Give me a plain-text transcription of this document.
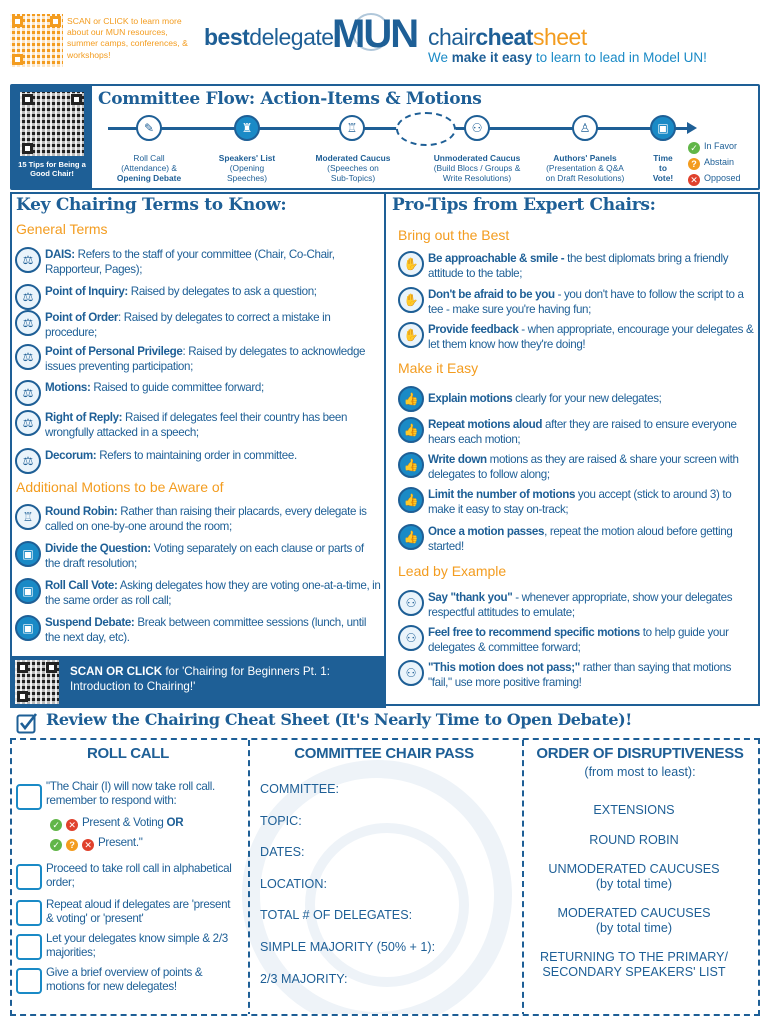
SCAN or CLICK to learn more about our MUN resources, summer camps, conferences, & workshops!
bestdelegate
MUN chaircheatsheet
We make it easy to learn to lead in Model UN!
15 Tips for Being a Good Chair!
Committee Flow: Action-Items & Motions
✎	♜	♖	⚇	♙	▣
Roll Call
(Attendance) &
Opening Debate
Speakers' List
(Opening
Speeches)
Moderated Caucus
(Speeches on
Sub-Topics)
Unmoderated Caucus
(Build Blocs / Groups &
Write Resolutions)
Authors' Panels
(Presentation & Q&A
on Draft Resolutions)
Time
to
Vote!
✓ In Favor
? Abstain
✕ Opposed
Key Chairing Terms to Know:
General Terms
⚖	DAIS: Refers to the staff of your committee (Chair, Co-Chair, Rapporteur, Pages);
⚖	Point of Inquiry: Raised by delegates to ask a question;
⚖	Point of Order: Raised by delegates to correct a mistake in procedure;
⚖	Point of Personal Privilege: Raised by delegates to acknowledge issues preventing participation;
⚖	Motions: Raised to guide committee forward;
⚖	Right of Reply: Raised if delegates feel their country has been wrongfully attacked in a speech;
⚖	Decorum: Refers to maintaining order in committee.
Additional Motions to be Aware of
♖	Round Robin: Rather than raising their placards, every delegate is called on one-by-one around the room;
▣ Divide the Question: Voting separately on each clause or parts of the draft resolution;
▣ Roll Call Vote: Asking delegates how they are voting one-at-a-time, in the same order as roll call;
▣ Suspend Debate: Break between committee sessions (lunch, until the next day, etc).
SCAN OR CLICK for 'Chairing for Beginners Pt. 1: Introduction to Chairing!'
Pro-Tips from Expert Chairs:
Bring out the Best
✋ Be approachable & smile - the best diplomats bring a friendly attitude to the table;
✋ Don't be afraid to be you - you don't have to follow the script to a tee - make sure you're having fun;
✋ Provide feedback - when appropriate, encourage your delegates & let them know how they're doing!
Make it Easy
👍 Explain motions clearly for your new delegates;
👍 Repeat motions aloud after they are raised to ensure everyone hears each motion;
👍 Write down motions as they are raised & share your screen with delegates to follow along;
👍 Limit the number of motions you accept (stick to around 3) to make it easy to stay on-track;
👍 Once a motion passes, repeat the motion aloud before getting started!
Lead by Example
⚇	Say "thank you" - whenever appropriate, show your delegates respectful attitudes to emulate;
⚇	Feel free to recommend specific motions to help guide your delegates & committee forward;
⚇	"This motion does not pass;" rather than saying that motions "fail," use more positive framing!
Review the Chairing Cheat Sheet (It's Nearly Time to Open Debate)!
ROLL CALL
"The Chair (I) will now take roll call. remember to respond with:
✓ ✕ Present & Voting OR
✓ ? ✕ Present."
Proceed to take roll call in alphabetical order;
Repeat aloud if delegates are 'present & voting' or 'present'
Let your delegates know simple & 2/3 majorities;
Give a brief overview of points & motions for new delegates!
COMMITTEE CHAIR PASS
COMMITTEE:
TOPIC:
DATES:
LOCATION:
TOTAL # OF DELEGATES:
SIMPLE MAJORITY (50% + 1):
2/3 MAJORITY:
ORDER OF DISRUPTIVENESS
(from most to least):
EXTENSIONS
ROUND ROBIN
UNMODERATED CAUCUSES
(by total time)
MODERATED CAUCUSES
(by total time)
RETURNING TO THE PRIMARY/
SECONDARY SPEAKERS' LIST
